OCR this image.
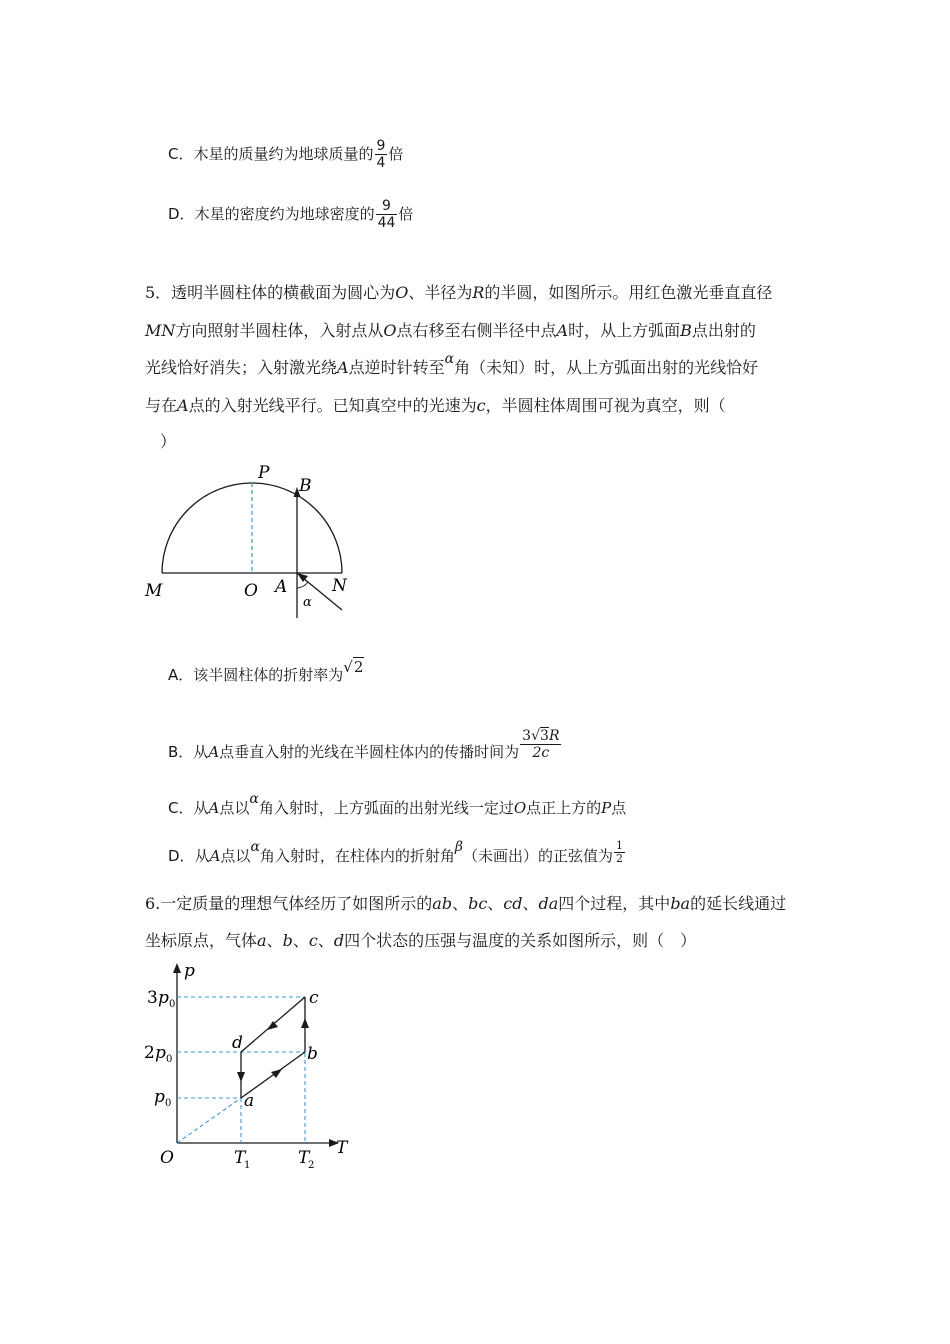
C．木星的质量约为地球质量的 $\frac{9}{4}$ 倍
D．木星的密度约为地球密度的 $\frac{9}{44}$ 倍
5．透明半圆柱体的横截面为圆心为O、半径为R的半圆，如图所示。用红色激光垂直直径
MN方向照射半圆柱体，入射点从O点右移至右侧半径中点A时，从上方弧面B点出射的
光线恰好消失；入射激光绕A点逆时针转至α角（未知）时，从上方弧面出射的光线恰好
与在A点的入射光线平行。已知真空中的光速为c，半圆柱体周围可视为真空，则（
）
P
B
M	O A	N
α
A．该半圆柱体的折射率为√2
B．从A点垂直入射的光线在半圆柱体内的传播时间为 $\frac{3√3R}{2c}$
C．从A点以α角入射时，上方弧面的出射光线一定过O点正上方的P点
D．从A点以α角入射时，在柱体内的折射角β（未画出）的正弦值为 $\frac{1}{2}$
6.一定质量的理想气体经历了如图所示的ab、bc、cd、da四个过程，其中ba的延长线通过
坐标原点，气体a、b、c、d四个状态的压强与温度的关系如图所示，则（　）
p
T
O
3 p 0
2 p 0
p 0
T
1	T
2
a
b
c
d
